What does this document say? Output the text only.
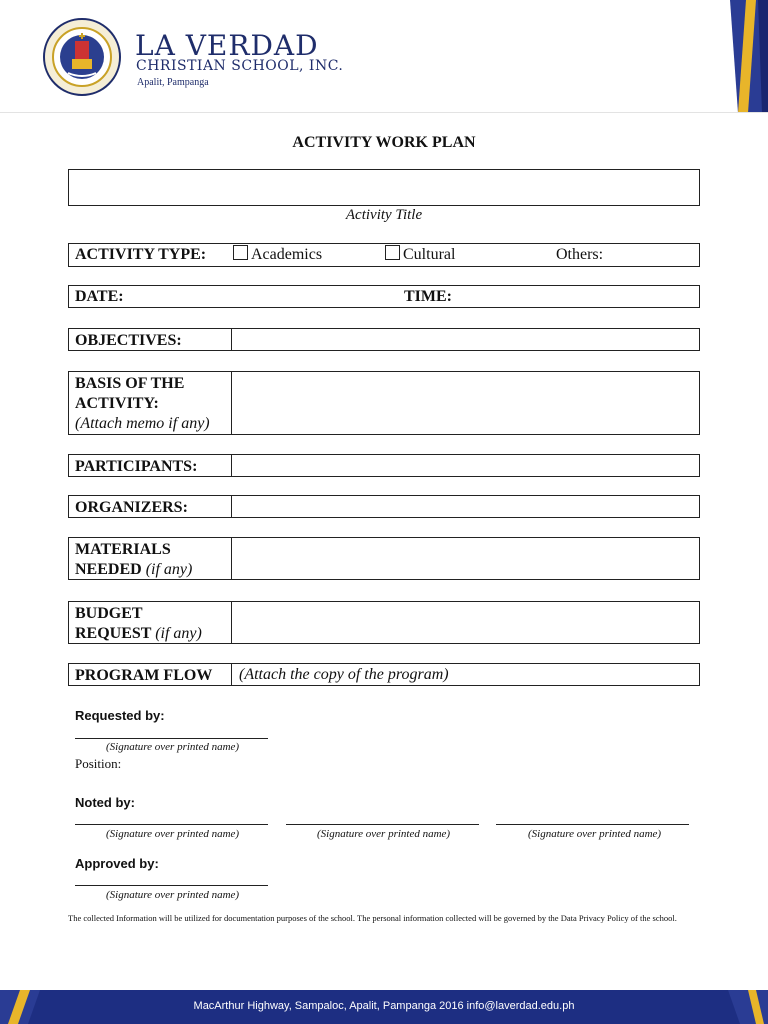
LA VERDAD
CHRISTIAN SCHOOL, INC.
Apalit, Pampanga
ACTIVITY WORK PLAN
Activity Title
ACTIVITY TYPE:	Academics	Cultural	Others:
DATE:	TIME:
OBJECTIVES:
BASIS OF THE
ACTIVITY:
(Attach memo if any)
PARTICIPANTS:
ORGANIZERS:
MATERIALS
NEEDED (if any)
BUDGET
REQUEST (if any)
PROGRAM FLOW	(Attach the copy of the program)
Requested by:
(Signature over printed name)
Position:
Noted by:
(Signature over printed name)	(Signature over printed name)	(Signature over printed name)
Approved by:
(Signature over printed name)
The collected Information will be utilized for documentation purposes of the school. The personal information collected will be governed by the Data Privacy Policy of the school.
MacArthur Highway, Sampaloc, Apalit, Pampanga 2016 info@laverdad.edu.ph
